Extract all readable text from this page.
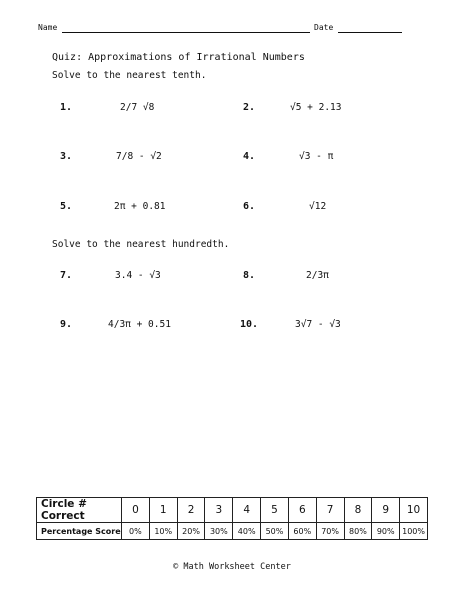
Name	Date
Quiz: Approximations of Irrational Numbers
Solve to the nearest tenth.
1.	2/7 √8	2.	√5 + 2.13
3.	7/8 - √2	4.	√3 - π
5.	2π + 0.81	6.	√12
Solve to the nearest hundredth.
7.	3.4 - √3	8.	2/3π
9.	4/3π + 0.51	10.	3√7 - √3
Circle # Correct	0	1	2	3	4	5	6	7	8	9	10
Percentage Score	0%	10%	20%	30%	40%	50%	60%	70%	80%	90%	100%
© Math Worksheet Center
